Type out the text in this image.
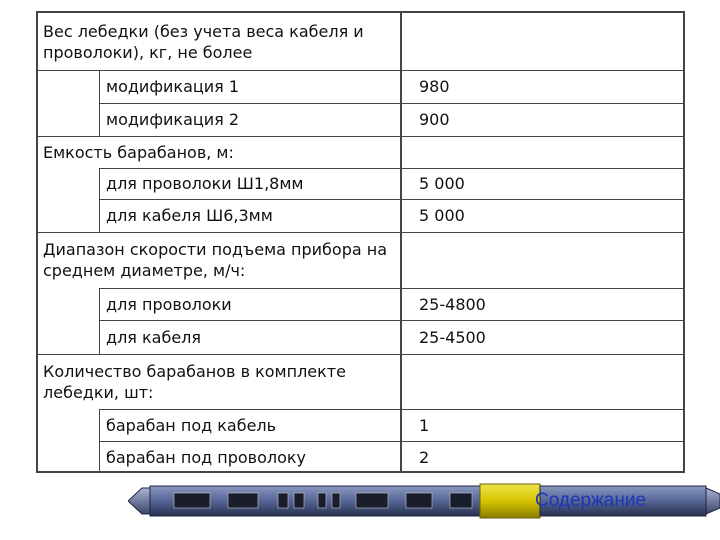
Вес лебедки (без учета веса кабеля и проволоки), кг, не более
модификация 1	980
модификация 2	900
Емкость барабанов, м:
для проволоки Ш1,8мм	5 000
для кабеля Ш6,3мм	5 000
Диапазон скорости подъема прибора на среднем диаметре, м/ч:
для проволоки	25-4800
для кабеля	25-4500
Количество барабанов в комплекте лебедки, шт:
барабан под кабель	1
барабан под проволоку	2
Содержание
